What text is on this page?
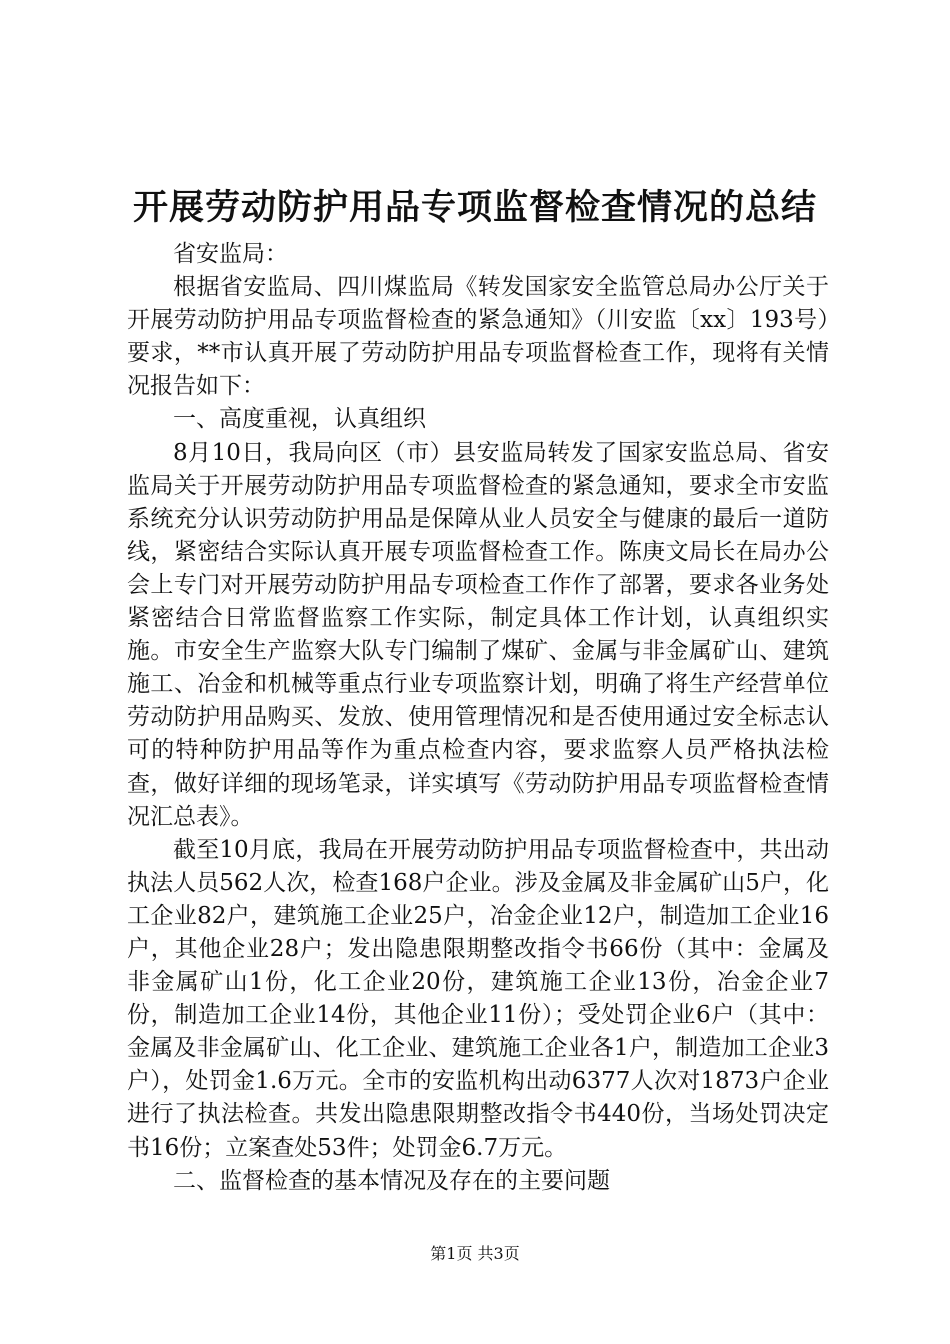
开展劳动防护用品专项监督检查情况的总结

省安监局：

根据省安监局、四川煤监局《转发国家安全监管总局办公厅关于开展劳动防护用品专项监督检查的紧急通知》（川安监〔xx〕193号）要求，**市认真开展了劳动防护用品专项监督检查工作，现将有关情况报告如下：

一、高度重视，认真组织

8月10日，我局向区（市）县安监局转发了国家安监总局、省安监局关于开展劳动防护用品专项监督检查的紧急通知，要求全市安监系统充分认识劳动防护用品是保障从业人员安全与健康的最后一道防线，紧密结合实际认真开展专项监督检查工作。陈庚文局长在局办公会上专门对开展劳动防护用品专项检查工作作了部署，要求各业务处紧密结合日常监督监察工作实际，制定具体工作计划，认真组织实施。市安全生产监察大队专门编制了煤矿、金属与非金属矿山、建筑施工、冶金和机械等重点行业专项监察计划，明确了将生产经营单位劳动防护用品购买、发放、使用管理情况和是否使用通过安全标志认可的特种防护用品等作为重点检查内容，要求监察人员严格执法检查，做好详细的现场笔录，详实填写《劳动防护用品专项监督检查情况汇总表》。

截至10月底，我局在开展劳动防护用品专项监督检查中，共出动执法人员562人次，检查168户企业。涉及金属及非金属矿山5户，化工企业82户，建筑施工企业25户，冶金企业12户，制造加工企业16户，其他企业28户；发出隐患限期整改指令书66份（其中：金属及非金属矿山1份，化工企业20份，建筑施工企业13份，冶金企业7份，制造加工企业14份，其他企业11份）；受处罚企业6户（其中：金属及非金属矿山、化工企业、建筑施工企业各1户，制造加工企业3户），处罚金1.6万元。全市的安监机构出动6377人次对1873户企业进行了执法检查。共发出隐患限期整改指令书440份，当场处罚决定书16份；立案查处53件；处罚金6.7万元。

二、监督检查的基本情况及存在的主要问题

第1页 共3页
